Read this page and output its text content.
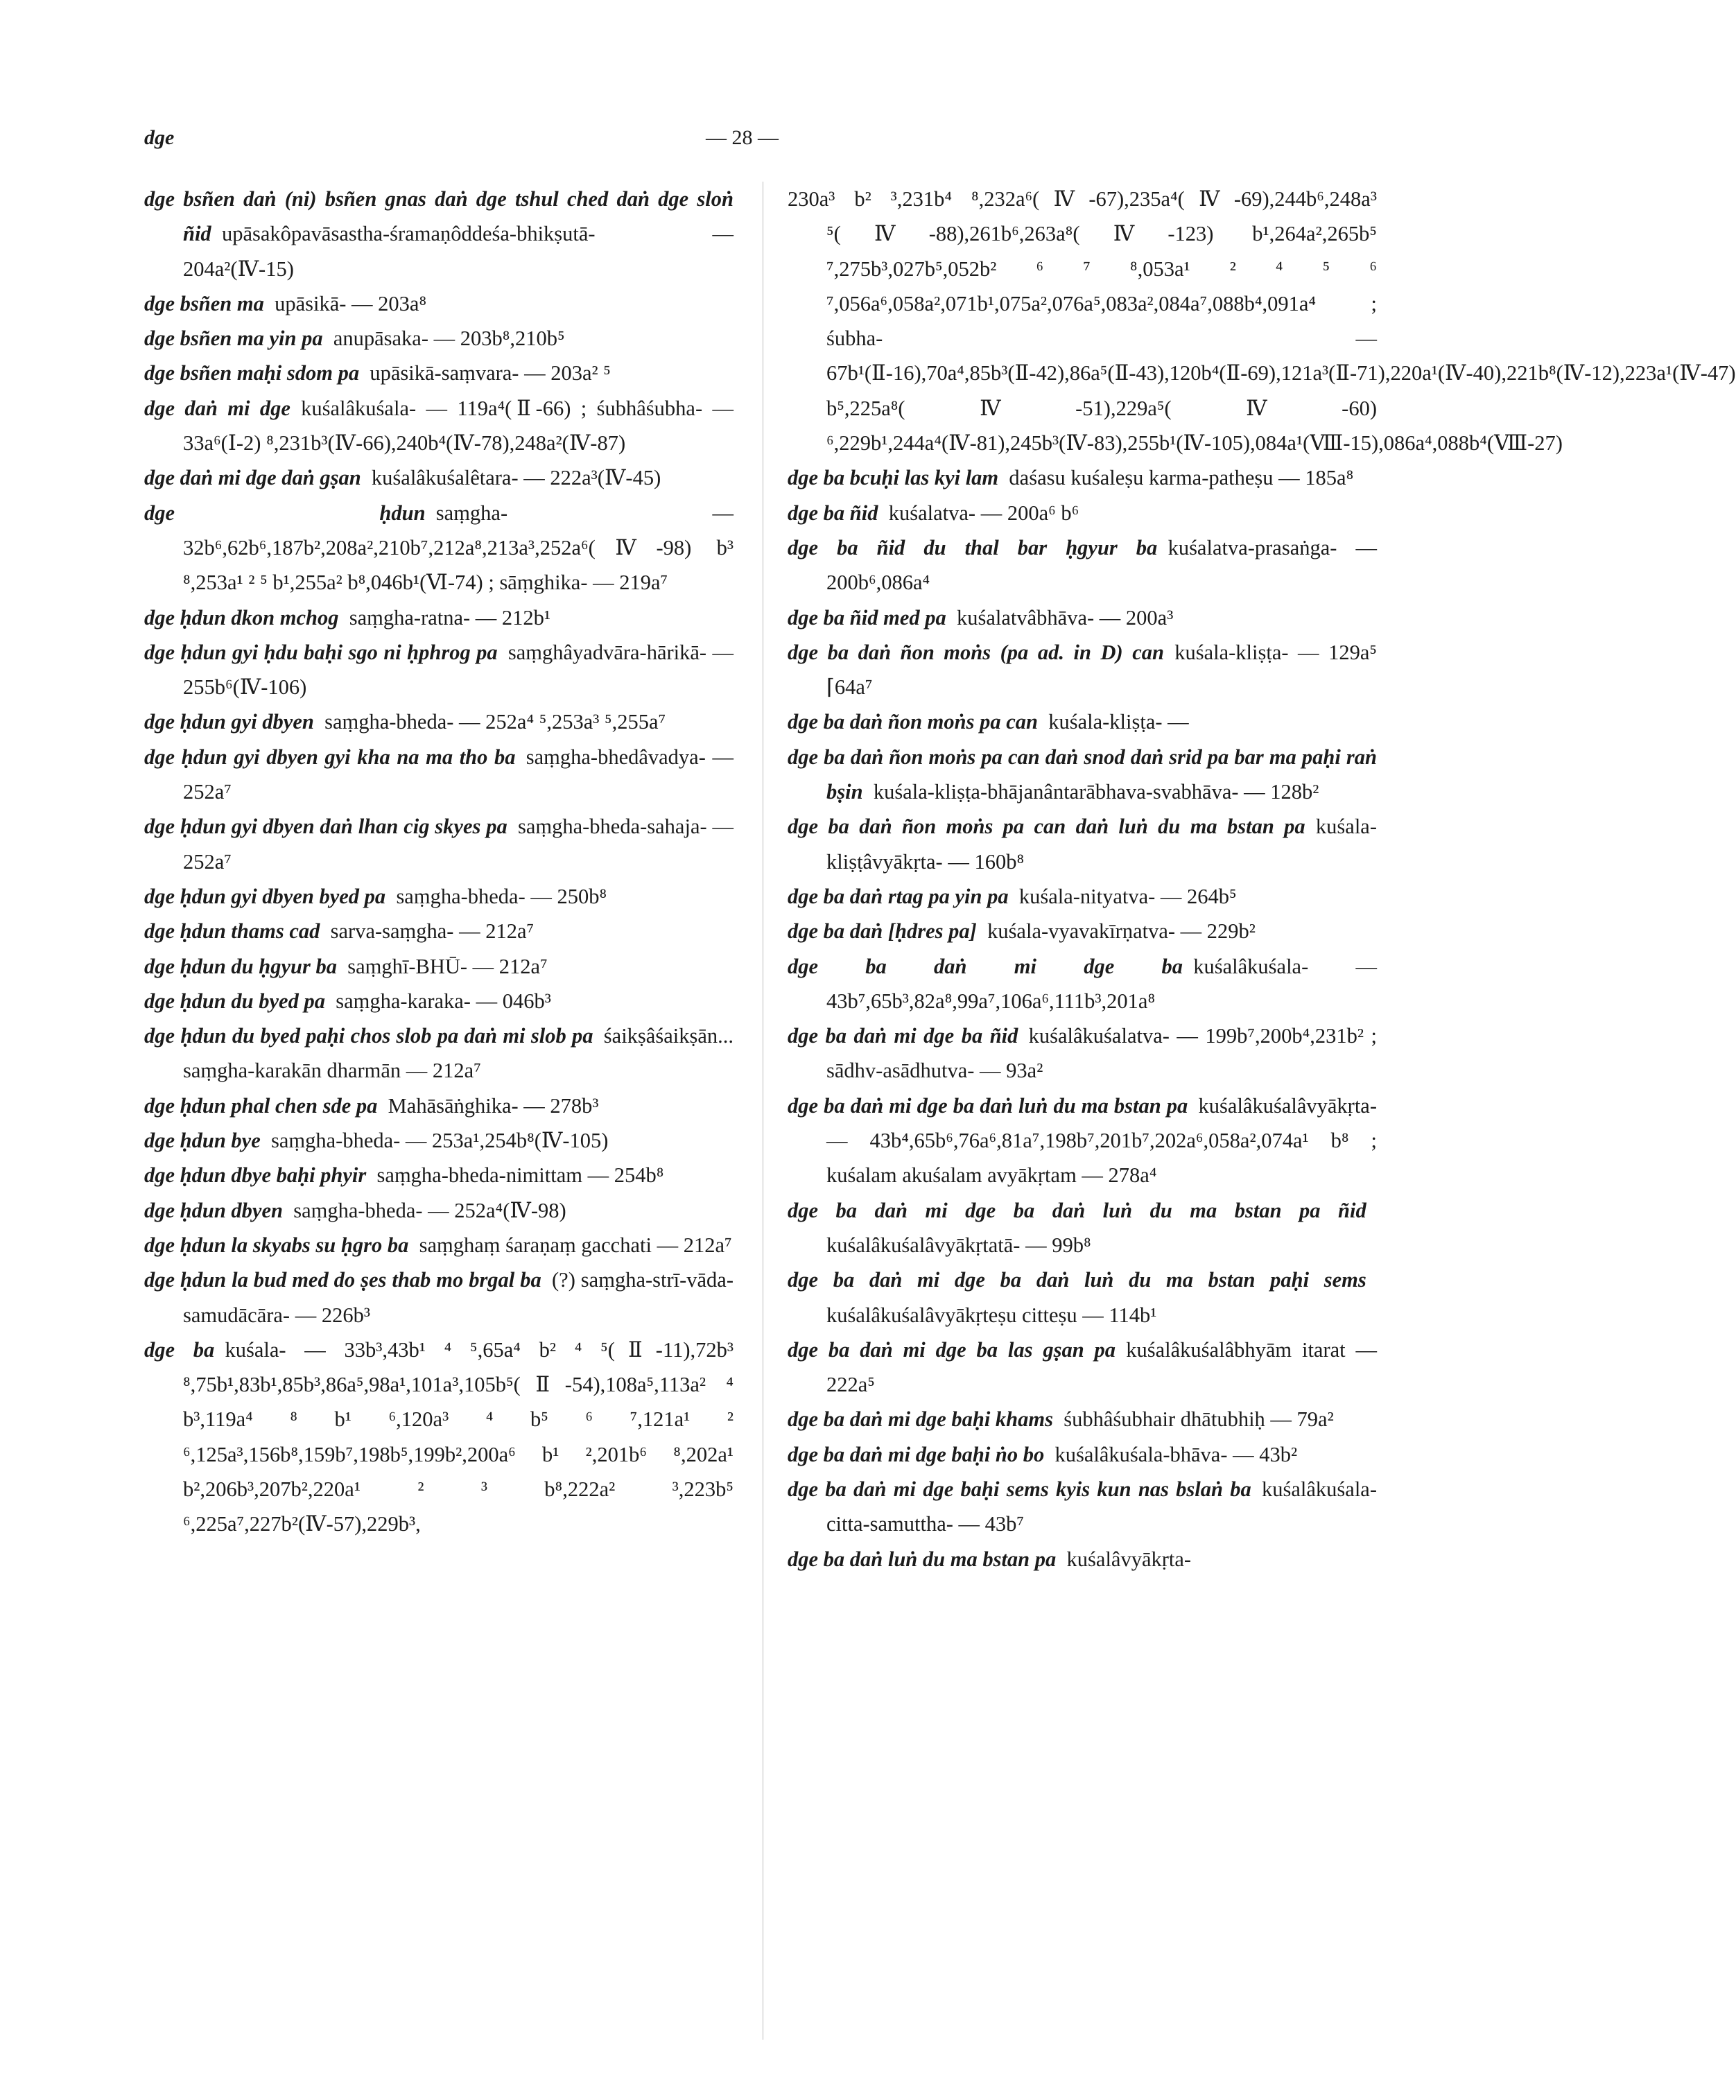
dge	— 28 —

dge bsñen daṅ (ni) bsñen gnas daṅ dge tshul ched daṅ dge sloṅ ñid  upāsakôpavāsastha-śramaṇôddeśa-bhikṣutā- — 204a²(Ⅳ-15)

dge bsñen ma  upāsikā- — 203a⁸

dge bsñen ma yin pa  anupāsaka- — 203b⁸,210b⁵

dge bsñen maḥi sdom pa  upāsikā-saṃvara- — 203a² ⁵

dge daṅ mi dge  kuśalâkuśala- — 119a⁴(Ⅱ-66) ; śubhâśubha- — 33a⁶(Ⅰ-2) ⁸,231b³(Ⅳ-66),240b⁴(Ⅳ-78),248a²(Ⅳ-87)

dge daṅ mi dge daṅ gṣan  kuśalâkuśalêtara- — 222a³(Ⅳ-45)

dge ḥdun  saṃgha- — 32b⁶,62b⁶,187b²,208a²,210b⁷,212a⁸,213a³,252a⁶(Ⅳ-98) b³ ⁸,253a¹ ² ⁵ b¹,255a² b⁸,046b¹(Ⅵ-74) ; sāṃghika- — 219a⁷

dge ḥdun dkon mchog  saṃgha-ratna- — 212b¹

dge ḥdun gyi ḥdu baḥi sgo ni ḥphrog pa  saṃghâyadvāra-hārikā- — 255b⁶(Ⅳ-106)

dge ḥdun gyi dbyen  saṃgha-bheda- — 252a⁴ ⁵,253a³ ⁵,255a⁷

dge ḥdun gyi dbyen gyi kha na ma tho ba  saṃgha-bhedâvadya- — 252a⁷

dge ḥdun gyi dbyen daṅ lhan cig skyes pa  saṃgha-bheda-sahaja- — 252a⁷

dge ḥdun gyi dbyen byed pa  saṃgha-bheda- — 250b⁸

dge ḥdun thams cad  sarva-saṃgha- — 212a⁷

dge ḥdun du ḥgyur ba  saṃghī-BHŪ- — 212a⁷

dge ḥdun du byed pa  saṃgha-karaka- — 046b³

dge ḥdun du byed paḥi chos slob pa daṅ mi slob pa  śaikṣâśaikṣān... saṃgha-karakān dharmān — 212a⁷

dge ḥdun phal chen sde pa  Mahāsāṅghika- — 278b³

dge ḥdun bye  saṃgha-bheda- — 253a¹,254b⁸(Ⅳ-105)

dge ḥdun dbye baḥi phyir  saṃgha-bheda-nimittam — 254b⁸

dge ḥdun dbyen  saṃgha-bheda- — 252a⁴(Ⅳ-98)

dge ḥdun la skyabs su ḥgro ba  saṃghaṃ śaraṇaṃ gacchati — 212a⁷

dge ḥdun la bud med do ṣes thab mo brgal ba  (?) saṃgha-strī-vāda-samudācāra- — 226b³

dge ba  kuśala- — 33b³,43b¹ ⁴ ⁵,65a⁴ b² ⁴ ⁵(Ⅱ-11),72b³ ⁸,75b¹,83b¹,85b³,86a⁵,98a¹,101a³,105b⁵(Ⅱ-54),108a⁵,113a² ⁴ b³,119a⁴ ⁸ b¹ ⁶,120a³ ⁴ b⁵ ⁶ ⁷,121a¹ ² ⁶,125a³,156b⁸,159b⁷,198b⁵,199b²,200a⁶ b¹ ²,201b⁶ ⁸,202a¹ b²,206b³,207b²,220a¹ ² ³ b⁸,222a² ³,223b⁵ ⁶,225a⁷,227b²(Ⅳ-57),229b³,

230a³ b² ³,231b⁴ ⁸,232a⁶(Ⅳ-67),235a⁴(Ⅳ-69),244b⁶,248a³ ⁵(Ⅳ-88),261b⁶,263a⁸(Ⅳ-123) b¹,264a²,265b⁵ ⁷,275b³,027b⁵,052b² ⁶ ⁷ ⁸,053a¹ ² ⁴ ⁵ ⁶ ⁷,056a⁶,058a²,071b¹,075a²,076a⁵,083a²,084a⁷,088b⁴,091a⁴ ; śubha- — 67b¹(Ⅱ-16),70a⁴,85b³(Ⅱ-42),86a⁵(Ⅱ-43),120b⁴(Ⅱ-69),121a³(Ⅱ-71),220a¹(Ⅳ-40),221b⁸(Ⅳ-12),223a¹(Ⅳ-47) b⁵,225a⁸(Ⅳ-51),229a⁵(Ⅳ-60) ⁶,229b¹,244a⁴(Ⅳ-81),245b³(Ⅳ-83),255b¹(Ⅳ-105),084a¹(Ⅷ-15),086a⁴,088b⁴(Ⅷ-27)

dge ba bcuḥi las kyi lam  daśasu kuśaleṣu karma-patheṣu — 185a⁸

dge ba ñid  kuśalatva- — 200a⁶ b⁶

dge ba ñid du thal bar ḥgyur ba  kuśalatva-prasaṅga- — 200b⁶,086a⁴

dge ba ñid med pa  kuśalatvâbhāva- — 200a³

dge ba daṅ ñon moṅs (pa ad. in D) can  kuśala-kliṣṭa- — 129a⁵ ⌈64a⁷

dge ba daṅ ñon moṅs pa can  kuśala-kliṣṭa- —

dge ba daṅ ñon moṅs pa can daṅ snod daṅ srid pa bar ma paḥi raṅ bṣin  kuśala-kliṣṭa-bhājanântarābhava-svabhāva- — 128b²

dge ba daṅ ñon moṅs pa can daṅ luṅ du ma bstan pa  kuśala-kliṣṭâvyākṛta- — 160b⁸

dge ba daṅ rtag pa yin pa  kuśala-nityatva- — 264b⁵

dge ba daṅ [ḥdres pa]  kuśala-vyavakīrṇatva- — 229b²

dge ba daṅ mi dge ba  kuśalâkuśala- — 43b⁷,65b³,82a⁸,99a⁷,106a⁶,111b³,201a⁸

dge ba daṅ mi dge ba ñid  kuśalâkuśalatva- — 199b⁷,200b⁴,231b² ; sādhv-asādhutva- — 93a²

dge ba daṅ mi dge ba daṅ luṅ du ma bstan pa  kuśalâkuśalâvyākṛta- — 43b⁴,65b⁶,76a⁶,81a⁷,198b⁷,201b⁷,202a⁶,058a²,074a¹ b⁸ ; kuśalam akuśalam avyākṛtam — 278a⁴

dge ba daṅ mi dge ba daṅ luṅ du ma bstan pa ñid kuśalâkuśalâvyākṛtatā- — 99b⁸

dge ba daṅ mi dge ba daṅ luṅ du ma bstan paḥi sems kuśalâkuśalâvyākṛteṣu citteṣu — 114b¹

dge ba daṅ mi dge ba las gṣan pa  kuśalâkuśalâbhyām itarat — 222a⁵

dge ba daṅ mi dge baḥi khams  śubhâśubhair dhātubhiḥ — 79a²

dge ba daṅ mi dge baḥi ṅo bo  kuśalâkuśala-bhāva- — 43b²

dge ba daṅ mi dge baḥi sems kyis kun nas bslaṅ ba  kuśalâkuśala-citta-samuttha- — 43b⁷

dge ba daṅ luṅ du ma bstan pa  kuśalâvyākṛta-
